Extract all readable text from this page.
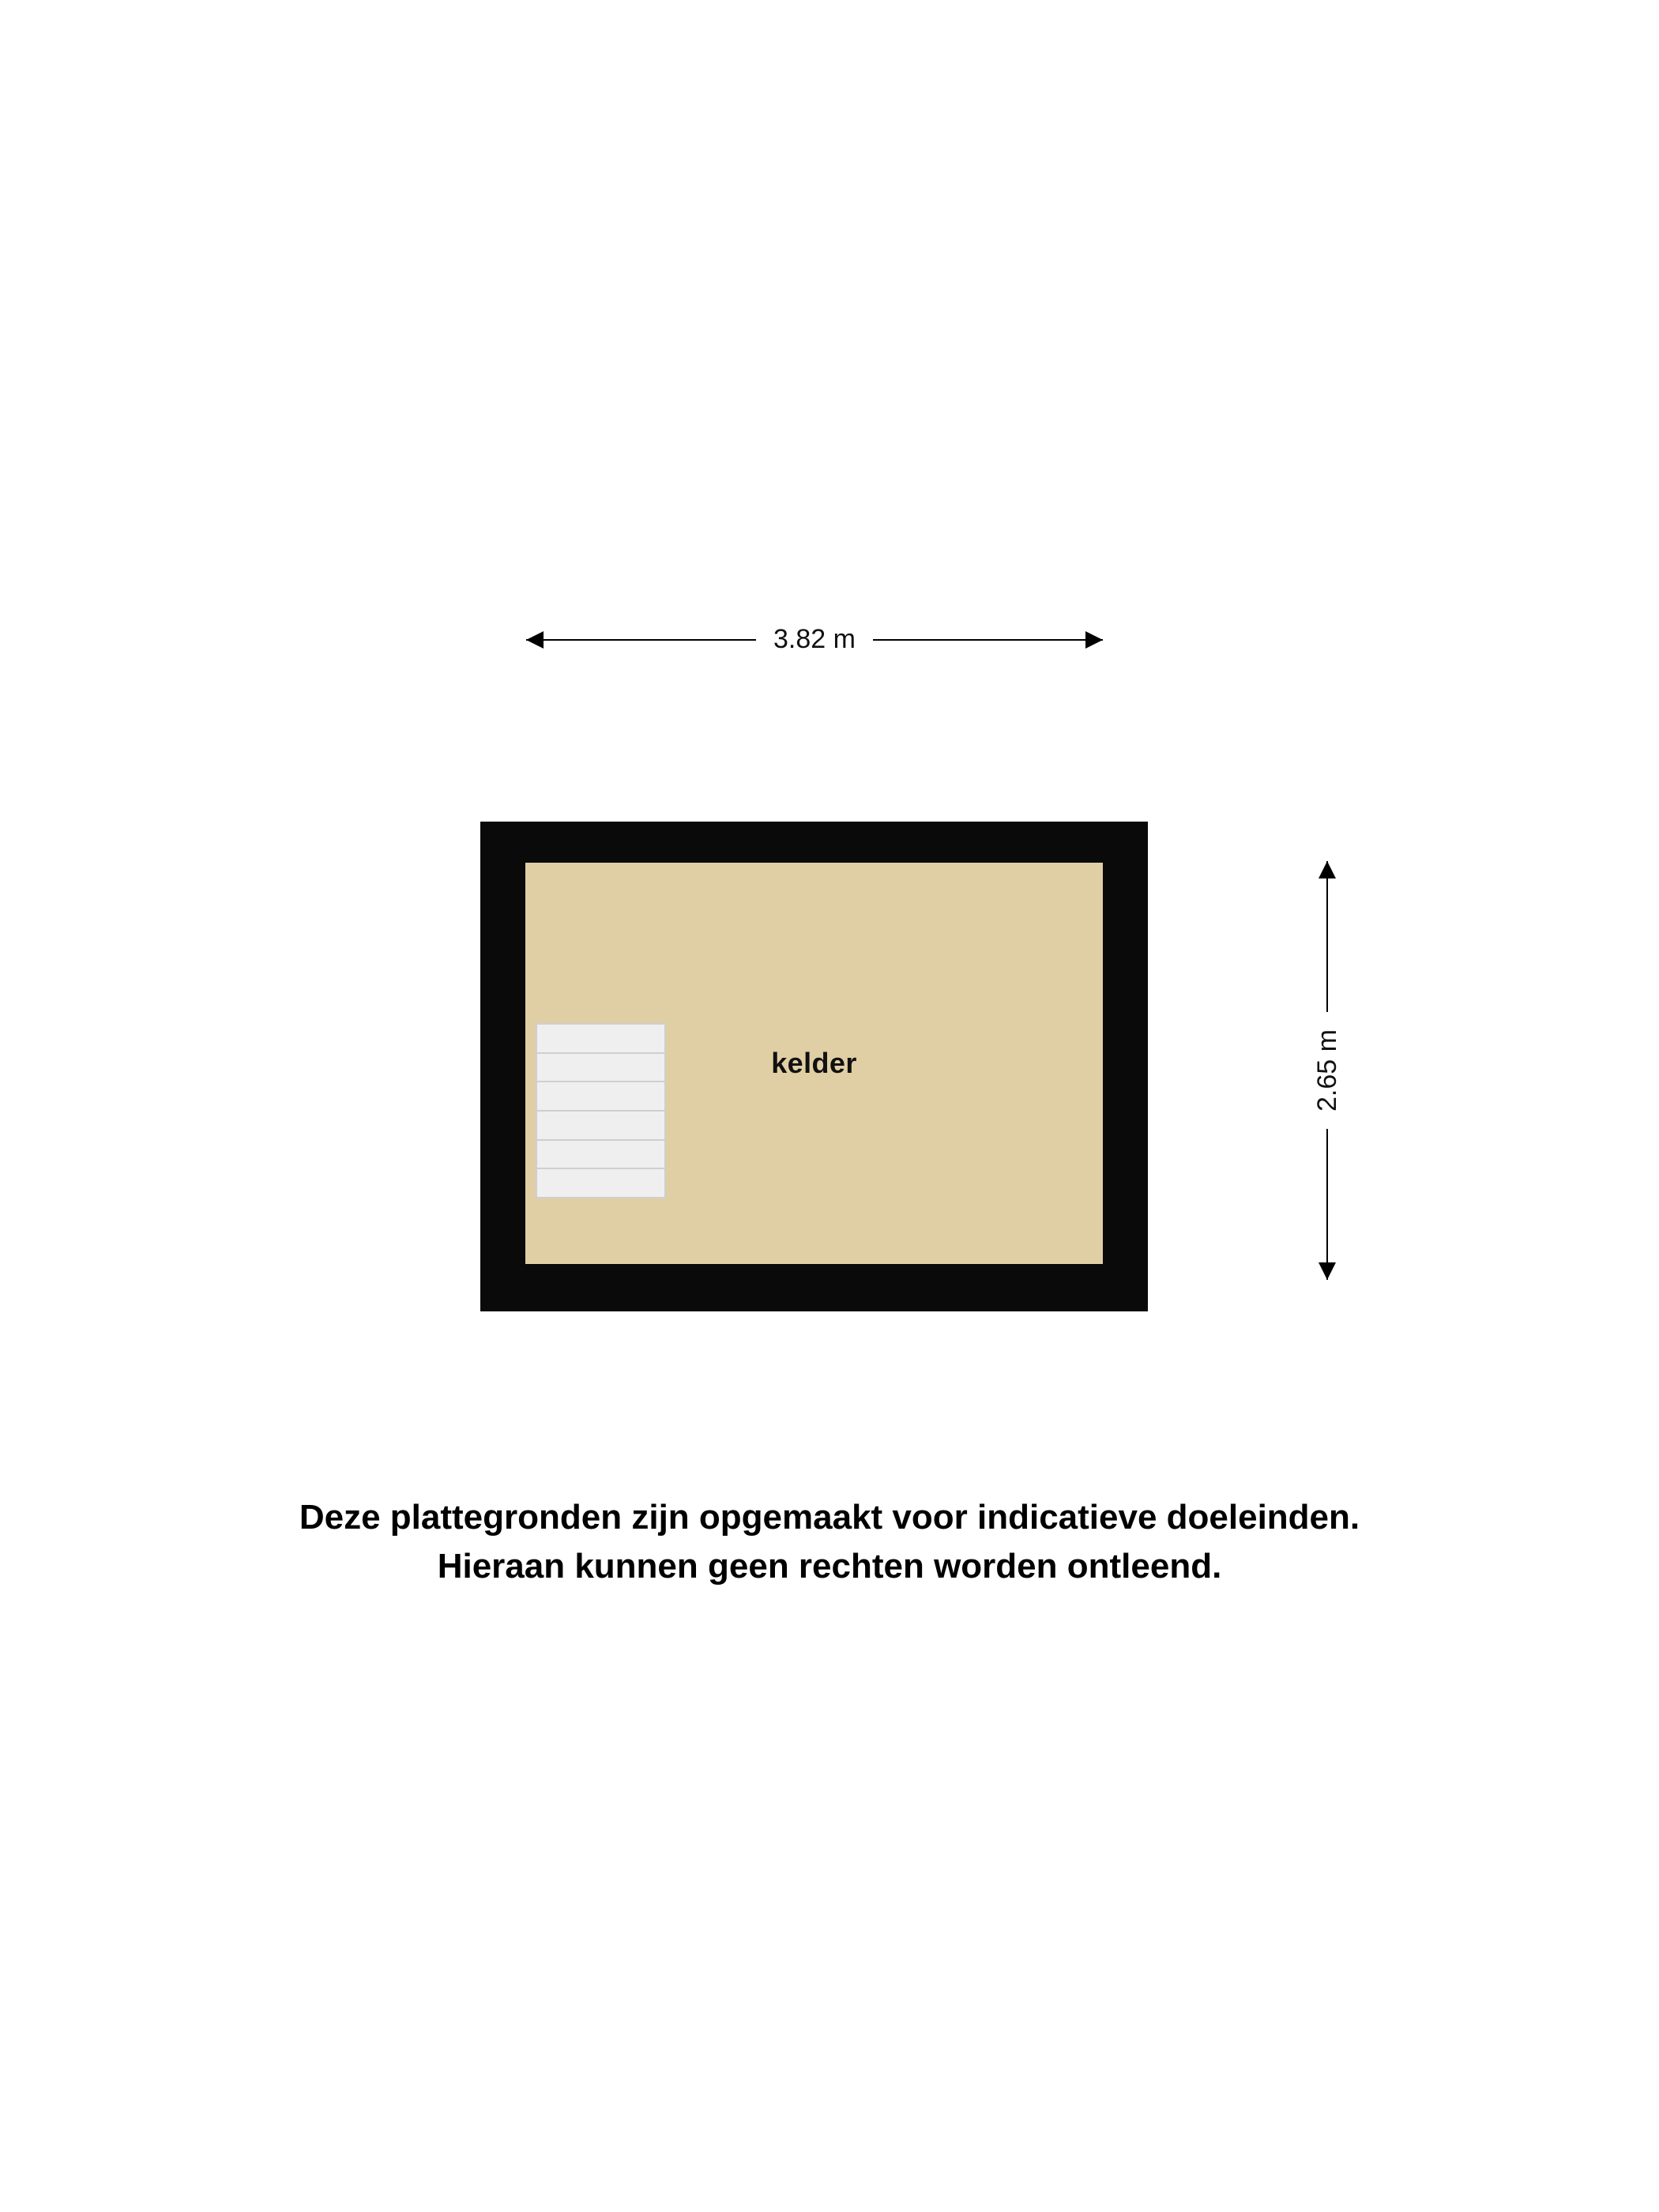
3.82 m
2.65 m
kelder
Deze plattegronden zijn opgemaakt voor indicatieve doeleinden.
Hieraan kunnen geen rechten worden ontleend.
